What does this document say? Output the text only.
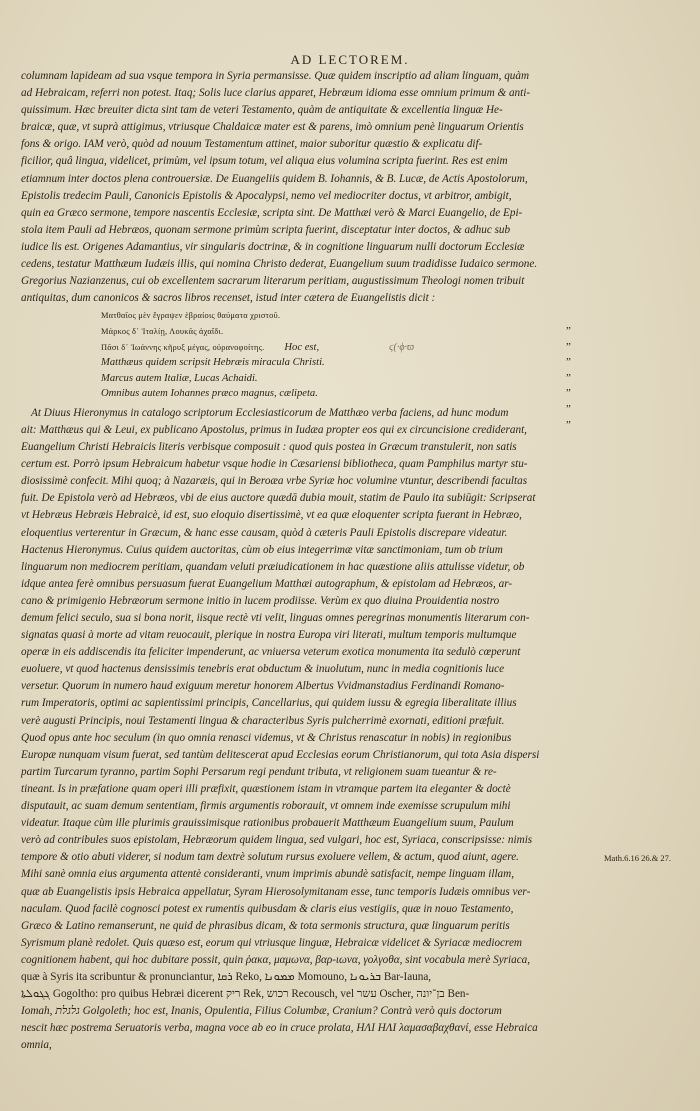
AD LECTOREM.

columnam lapideam ad sua vsque tempora in Syria permansisse. Quæ quidem inscriptio ad aliam linguam, quàm

ad Hebraicam, referri non potest. Itaq; Solis luce clarius apparet, Hebræum idioma esse omnium primum & anti-

quissimum. Hæc breuiter dicta sint tam de veteri Testamento, quàm de antiquitate & excellentia linguæ He-

braicæ, quæ, vt suprà attigimus, vtriusque Chaldaicæ mater est & parens, imò omnium penè linguarum Orientis

fons & origo. IAM verò, quòd ad nouum Testamentum attinet, maior suboritur quæstio & explicatu dif-

ficilior, quâ lingua, videlicet, primùm, vel ipsum totum, vel aliqua eius volumina scripta fuerint. Res est enim

etiamnum inter doctos plena controuersiæ. De Euangeliis quidem B. Iohannis, & B. Lucæ, de Actis Apostolorum,

Epistolis tredecim Pauli, Canonicis Epistolis & Apocalypsi, nemo vel mediocriter doctus, vt arbitror, ambigit,

quin ea Græco sermone, tempore nascentis Ecclesiæ, scripta sint. De Matthæi verò & Marci Euangelio, de Epi-

stola item Pauli ad Hebræos, quonam sermone primùm scripta fuerint, disceptatur inter doctos, & adhuc sub

iudice lis est. Origenes Adamantius, vir singularis doctrinæ, & in cognitione linguarum nulli doctorum Ecclesiæ

cedens, testatur Matthæum Iudæis illis, qui nomina Christo dederat, Euangelium suum tradidisse Iudaico sermone.

Gregorius Nazianzenus, cui ob excellentem sacrarum literarum peritiam, augustissimum Theologi nomen tribuit

antiquitas, dum canonicos & sacros libros recenset, istud inter cætera de Euangelistis dicit :

Ματθαῖος μὲν ἔγραψεν ἑβραίοις θαύματα χριστοῦ.
Μάρκος δ᾽ Ἰταλίῃ, Λουκᾶς ἀχαΐδι.
Πᾶσι δ᾽ Ἰωάννης κῆρυξ μέγας, οὐρανοφοίτης. Hoc est,	ϛ(·ϕ·ϖ
Matthæus quidem scripsit Hebræis miracula Christi.
Marcus autem Italiæ, Lucas Achaidi.
Omnibus autem Iohannes præco magnus, cælipeta.

At Diuus Hieronymus in catalogo scriptorum Ecclesiasticorum de Matthæo verba faciens, ad hunc modum

ait: Matthæus qui & Leui, ex publicano Apostolus, primus in Iudæa propter eos qui ex circuncisione crediderant,

Euangelium Christi Hebraicis literis verbisque composuit : quod quis postea in Græcum transtulerit, non satis

certum est. Porrò ipsum Hebraicum habetur vsque hodie in Cæsariensi bibliotheca, quam Pamphilus martyr stu-

diosissimè confecit. Mihi quoq; à Nazaræis, qui in Beroæa vrbe Syriæ hoc volumine vtuntur, describendi facultas

fuit. De Epistola verò ad Hebræos, vbi de eius auctore quædā dubia mouit, statim de Paulo ita subiūgit: Scripserat

vt Hebræus Hebræis Hebraicè, id est, suo eloquio disertissimè, vt ea quæ eloquenter scripta fuerant in Hebræo,

eloquentius verterentur in Græcum, & hanc esse causam, quòd à cæteris Pauli Epistolis discrepare videatur.

Hactenus Hieronymus. Cuius quidem auctoritas, cùm ob eius integerrimæ vitæ sanctimoniam, tum ob trium

linguarum non mediocrem peritiam, quandam veluti præiudicationem in hac quæstione aliis attulisse videtur, ob

idque antea ferè omnibus persuasum fuerat Euangelium Matthæi autographum, & epistolam ad Hebræos, ar-

cano & primigenio Hebræorum sermone initio in lucem prodiisse. Verùm ex quo diuina Prouidentia nostro

demum felici seculo, sua si bona norit, iisque rectè vti velit, linguas omnes peregrinas monumentis literarum con-

signatas quasi à morte ad vitam reuocauit, plerique in nostra Europa viri literati, multum temporis multumque

operæ in eis addiscendis ita feliciter impenderunt, ac vniuersa veterum exotica monumenta ita sedulò cœperunt

euoluere, vt quod hactenus densissimis tenebris erat obductum & inuolutum, nunc in media cognitionis luce

versetur. Quorum in numero haud exiguum meretur honorem Albertus Vvidmanstadius Ferdinandi Romano-

rum Imperatoris, optimi ac sapientissimi principis, Cancellarius, qui quidem iussu & egregia liberalitate illius

verè augusti Principis, noui Testamenti lingua & characteribus Syris pulcherrimè exornati, editioni præfuit.

Quod opus ante hoc seculum (in quo omnia renasci videmus, vt & Christus renascatur in nobis) in regionibus

Europæ nunquam visum fuerat, sed tantùm delitescerat apud Ecclesias eorum Christianorum, qui tota Asia dispersi

partim Turcarum tyranno, partim Sophi Persarum regi pendunt tributa, vt religionem suam tueantur & re-

tineant. Is in præfatione quam operi illi præfixit, quæstionem istam in vtramque partem ita eleganter & doctè

disputauit, ac suam demum sententiam, firmis argumentis roborauit, vt omnem inde exemisse scrupulum mihi

videatur. Itaque cùm ille plurimis grauissimisque rationibus probauerit Matthæum Euangelium suum, Paulum

verò ad contribules suos epistolam, Hebræorum quidem lingua, sed vulgari, hoc est, Syriaca, conscripsisse: nimis

tempore & otio abuti viderer, si nodum tam dextrè solutum rursus exoluere vellem, & actum, quod aiunt, agere.

Mihi sanè omnia eius argumenta attentè consideranti, vnum imprimis abundè satisfacit, nempe linguam illam,

quæ ab Euangelistis ipsis Hebraica appellatur, Syram Hierosolymitanam esse, tunc temporis Iudæis omnibus ver-

naculam. Quod facilè cognosci potest ex rumentis quibusdam & claris eius vestigiis, quæ in nouo Testamento,

Græco & Latino remanserunt, ne quid de phrasibus dicam, & tota sermonis structura, quæ linguarum peritis

Syrismum planè redolet. Quis quæso est, eorum qui vtriusque linguæ, Hebraicæ videlicet & Syriacæ mediocrem

cognitionem habent, qui hoc dubitare possit, quin ῥακα, μαμωνα, βαρ-ιωνα, γολγοθα, sint vocabula merè Syriaca,

quæ à Syris ita scribuntur & pronunciantur, ܪܩܐ Reko, ܡܡܘܢܐ Momouno, ܒܪܝܘܢܐ Bar-Iauna,

ܓܓܘܠܬܐ Gogoltho: pro quibus Hebræi dicerent ריק Rek, רכוש Recousch, vel עשר Oscher, בן־יונה Ben-

Iomah, גלגלת Golgoleth; hoc est, Inanis, Opulentia, Filius Columbæ, Cranium? Contrà verò quis doctorum

nescit hæc postrema Seruatoris verba, magna voce ab eo in cruce prolata, ΗΛΙ ΗΛΙ λαμασαβαχθανί, esse Hebraica

omnia,

„
„
„
„
„
„
„
Math.6.16 26.& 27.
